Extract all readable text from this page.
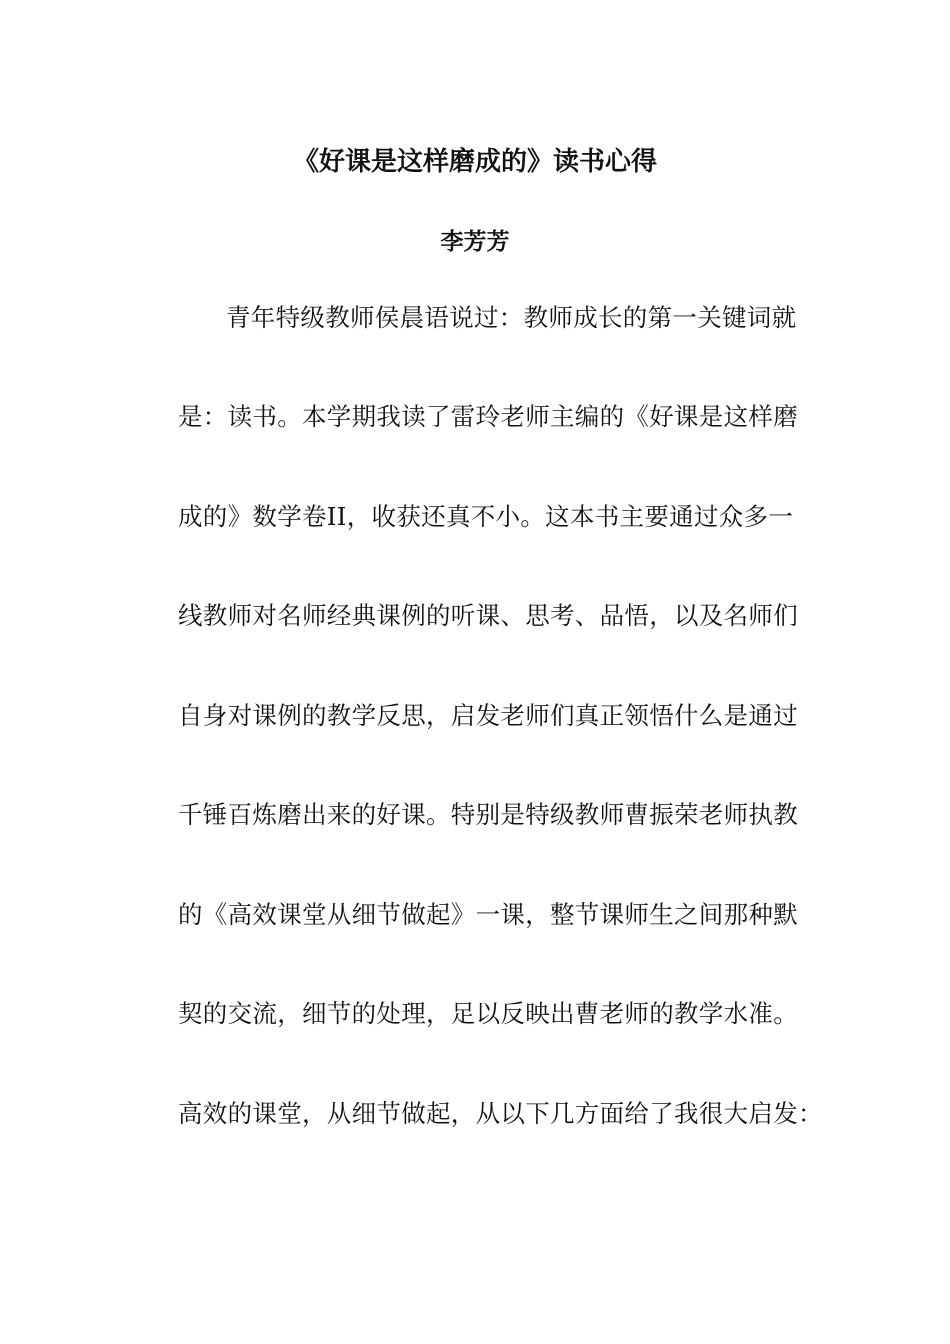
《好课是这样磨成的》读书心得
李芳芳
青年特级教师侯晨语说过：教师成长的第一关键词就
是：读书。本学期我读了雷玲老师主编的《好课是这样磨
成的》数学卷II，收获还真不小。这本书主要通过众多一
线教师对名师经典课例的听课、思考、品悟，以及名师们
自身对课例的教学反思，启发老师们真正领悟什么是通过
千锤百炼磨出来的好课。特别是特级教师曹振荣老师执教
的《高效课堂从细节做起》一课，整节课师生之间那种默
契的交流，细节的处理，足以反映出曹老师的教学水准。
高效的课堂，从细节做起，从以下几方面给了我很大启发：
